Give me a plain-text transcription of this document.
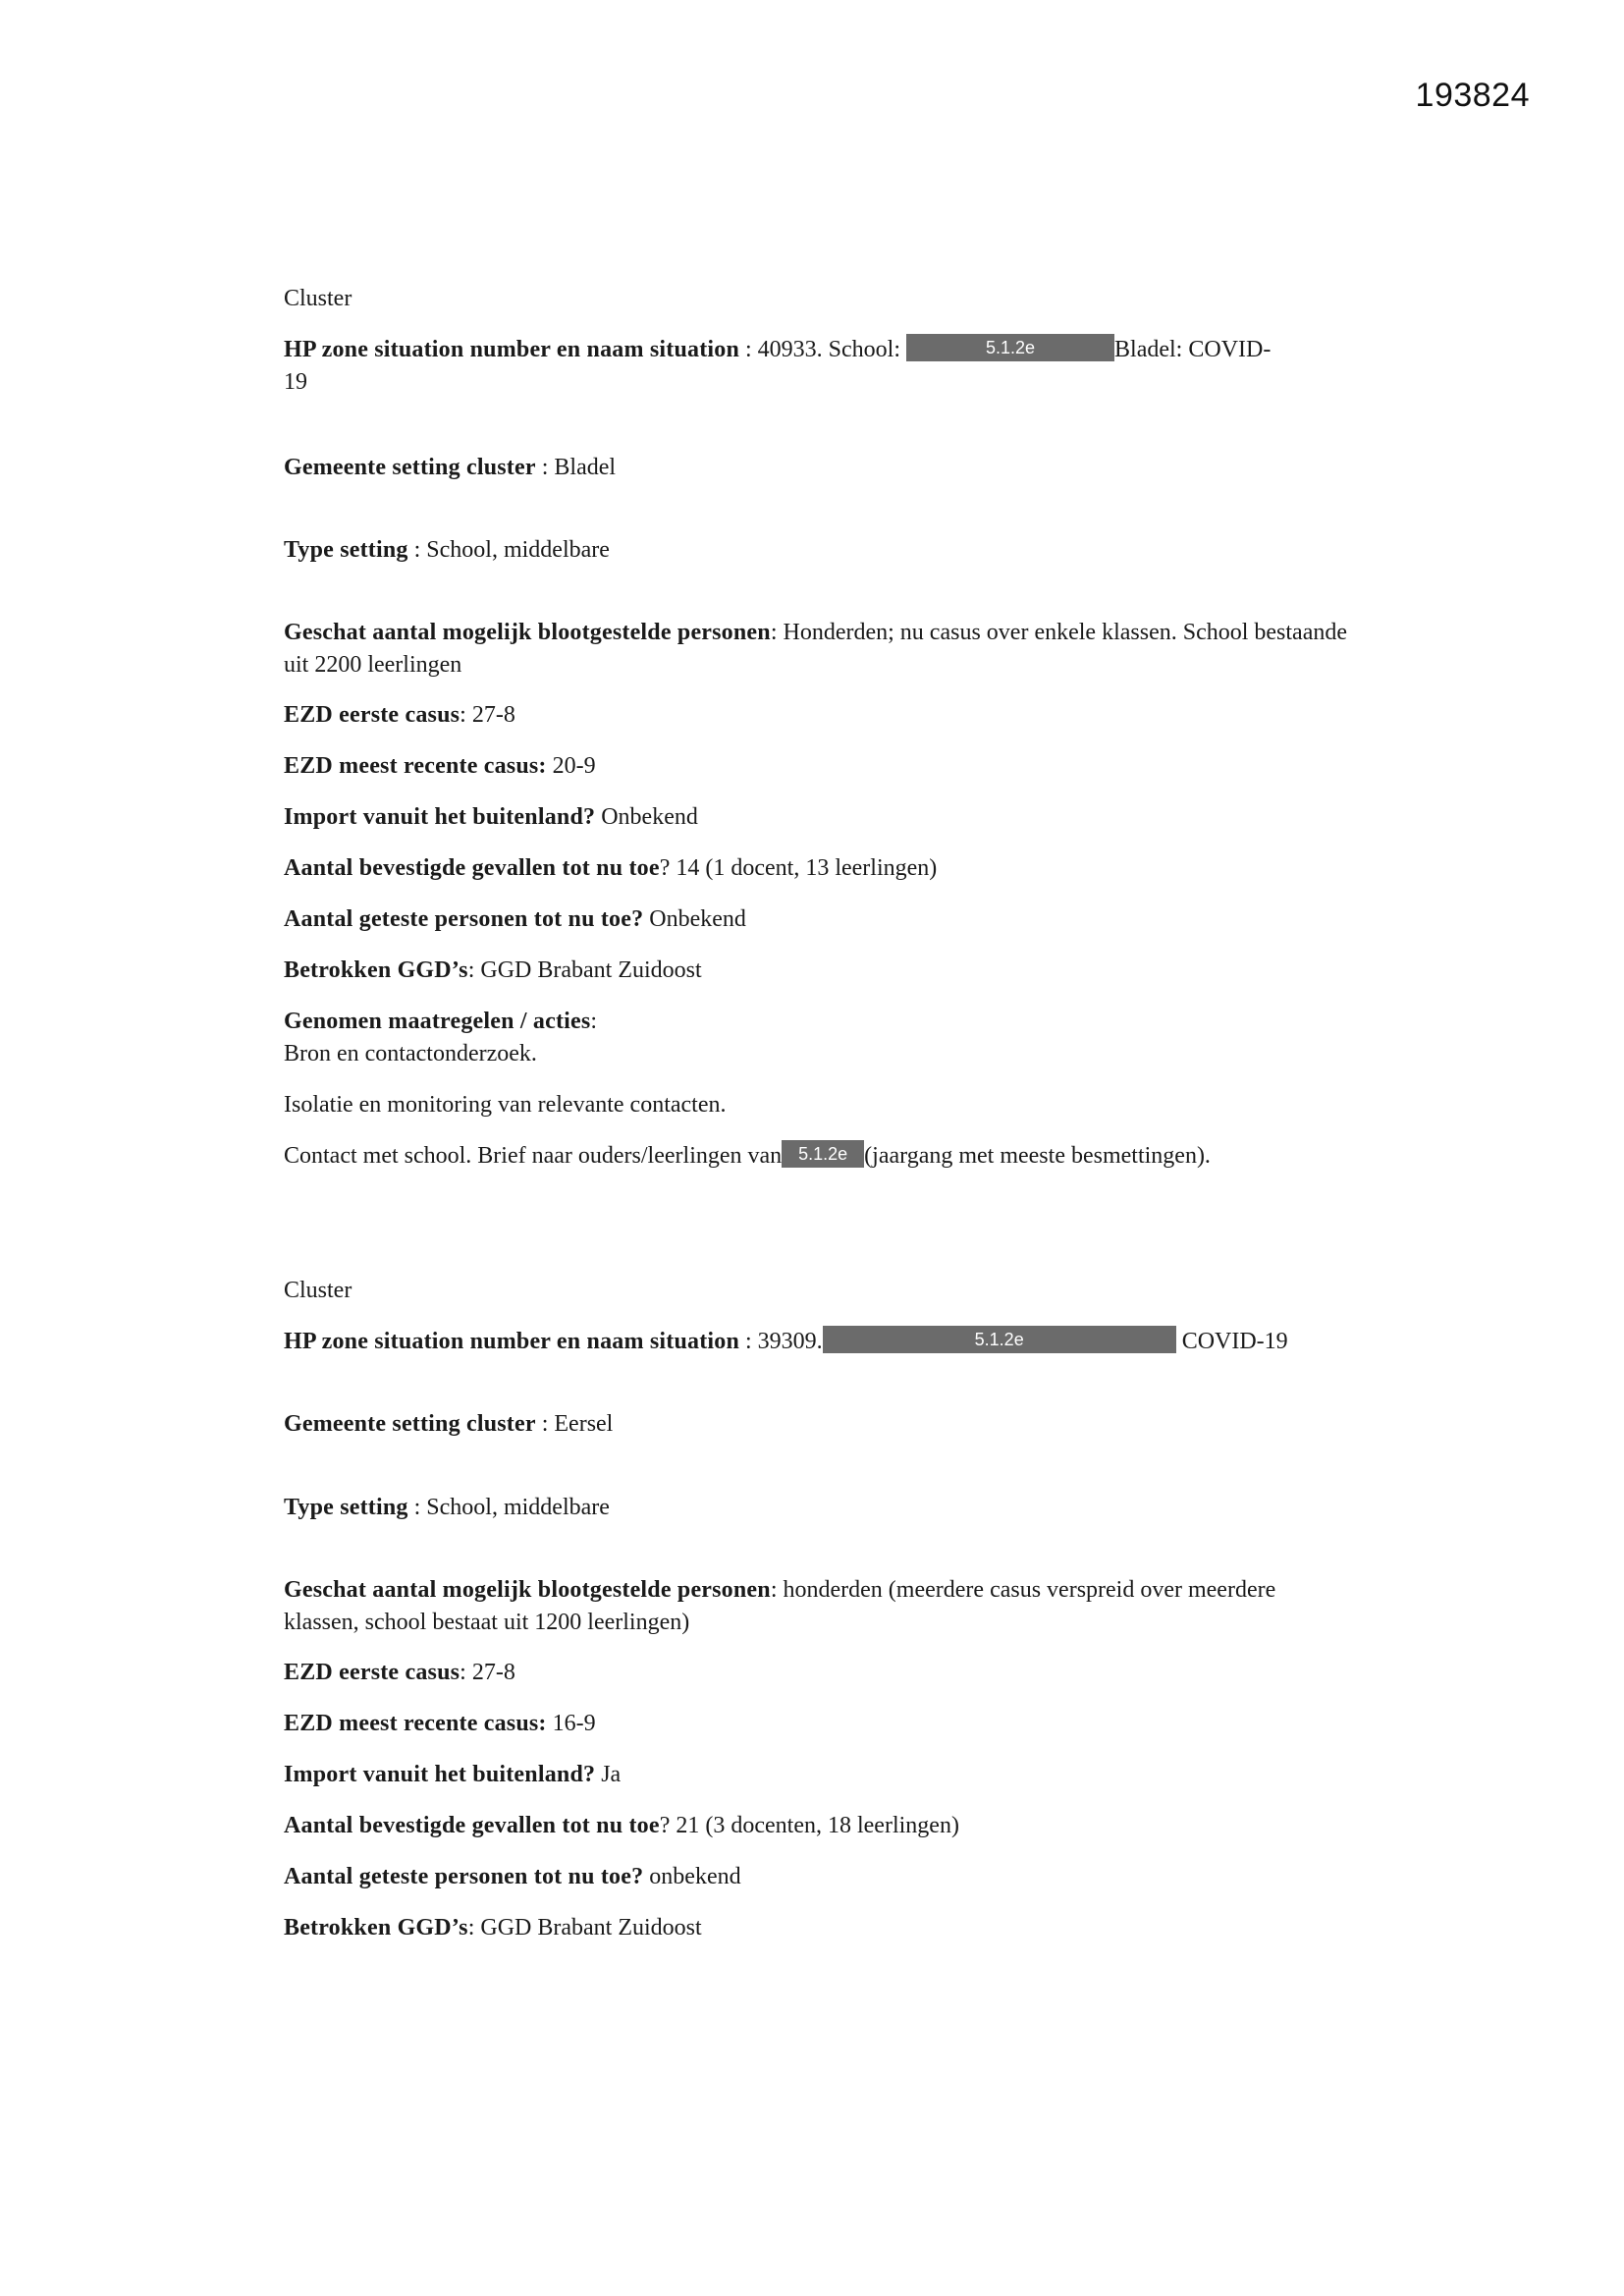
193824
Cluster
HP zone situation number en naam situation : 40933. School:	5.1.2e	Bladel: COVID-
19
Gemeente setting cluster : Bladel
Type setting : School, middelbare
Geschat aantal mogelijk blootgestelde personen: Honderden; nu casus over enkele klassen. School bestaande uit 2200 leerlingen
EZD eerste casus: 27-8
EZD meest recente casus: 20-9
Import vanuit het buitenland? Onbekend
Aantal bevestigde gevallen tot nu toe? 14 (1 docent, 13 leerlingen)
Aantal geteste personen tot nu toe? Onbekend
Betrokken GGD’s: GGD Brabant Zuidoost
Genomen maatregelen / acties:
Bron en contactonderzoek.
Isolatie en monitoring van relevante contacten.
Contact met school. Brief naar ouders/leerlingen van 5.1.2e (jaargang met meeste besmettingen).
Cluster
HP zone situation number en naam situation : 39309.	5.1.2e	COVID-19
Gemeente setting cluster : Eersel
Type setting : School, middelbare
Geschat aantal mogelijk blootgestelde personen: honderden (meerdere casus verspreid over meerdere klassen, school bestaat uit 1200 leerlingen)
EZD eerste casus: 27-8
EZD meest recente casus: 16-9
Import vanuit het buitenland? Ja
Aantal bevestigde gevallen tot nu toe? 21 (3 docenten, 18 leerlingen)
Aantal geteste personen tot nu toe? onbekend
Betrokken GGD’s: GGD Brabant Zuidoost
